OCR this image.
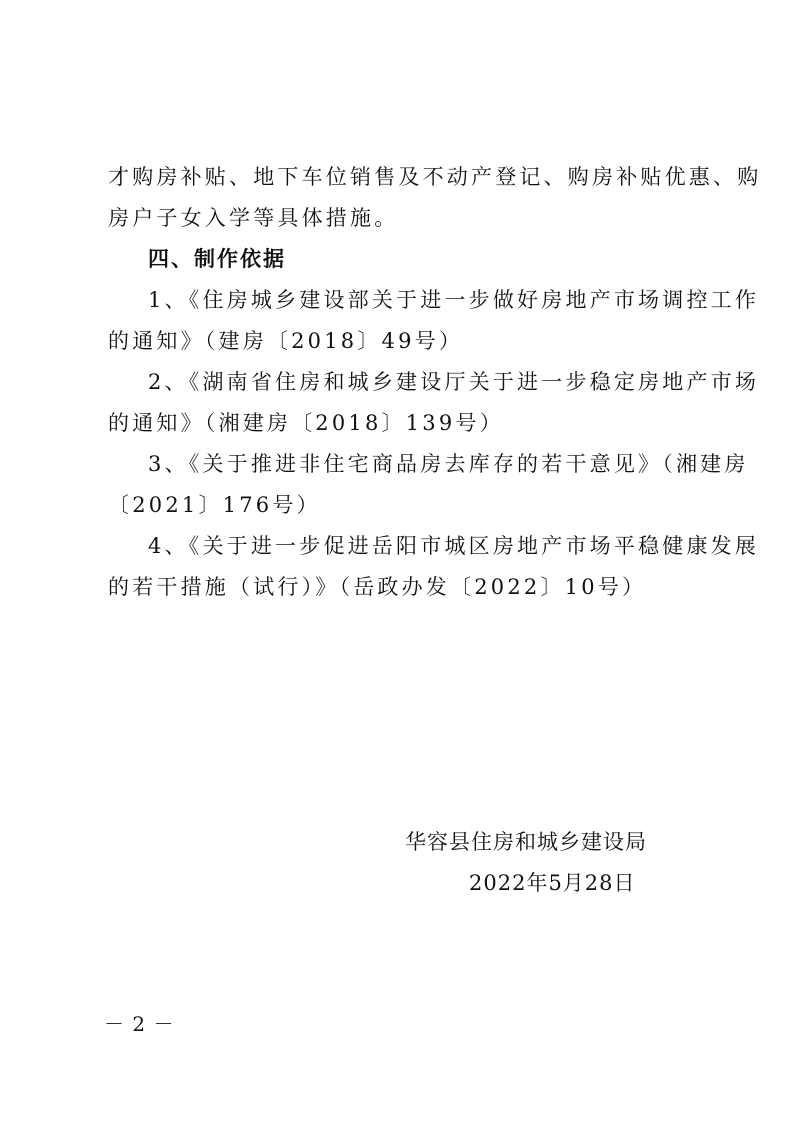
才购房补贴、地下车位销售及不动产登记、购房补贴优惠、购
房户子女入学等具体措施。
四、制作依据
1、《住房城乡建设部关于进一步做好房地产市场调控工作
的通知》（建房〔2018〕49号）
2、《湖南省住房和城乡建设厅关于进一步稳定房地产市场
的通知》（湘建房〔2018〕139号）
3、《关于推进非住宅商品房去库存的若干意见》（湘建房
〔2021〕176号）
4、《关于进一步促进岳阳市城区房地产市场平稳健康发展
的若干措施（试行）》（岳政办发〔2022〕10号）
华容县住房和城乡建设局
2022年5月28日
－ 2 －
